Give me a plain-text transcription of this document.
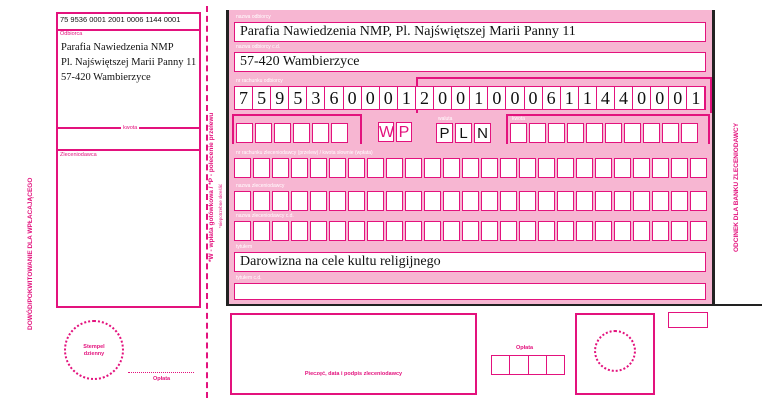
DOWÓD/POKWITOWANIE DLA WPŁACAJĄCEGO
75 9536 0001 2001 0006 1144 0001
Odbiorca
Parafia Nawiedzenia NMP
Pl. Najświętszej Marii Panny 11
57-420 Wambierzyce
kwota
Zleceniodawca
Stempel dzienny
Opłata
*W - wpłata gotówkowa / *P - polecenie przelewu *niepotrzebne skreślić
nazwa odbiorcy
Parafia Nawiedzenia NMP, Pl. Najświętszej Marii Panny 11
nazwa odbiorcy c.d.
57-420 Wambierzyce
nr rachunku odbiorcy
7 5 9 5 3 6 0 0 0 1 2 0 0 1 0 0 0 6 1 1 4 4 0 0 0 1
W P
waluta
P L N
kwota
nr rachunku zleceniodawcy (przelew) / kwota słownie (wpłata)
nazwa zleceniodawcy
nazwa zleceniodawcy c.d.
tytułem
Darowizna na cele kultu religijnego
tytułem c.d.
ODCINEK DLA BANKU ZLECENIODAWCY
Pieczęć, data i podpis zleceniodawcy
Opłata
